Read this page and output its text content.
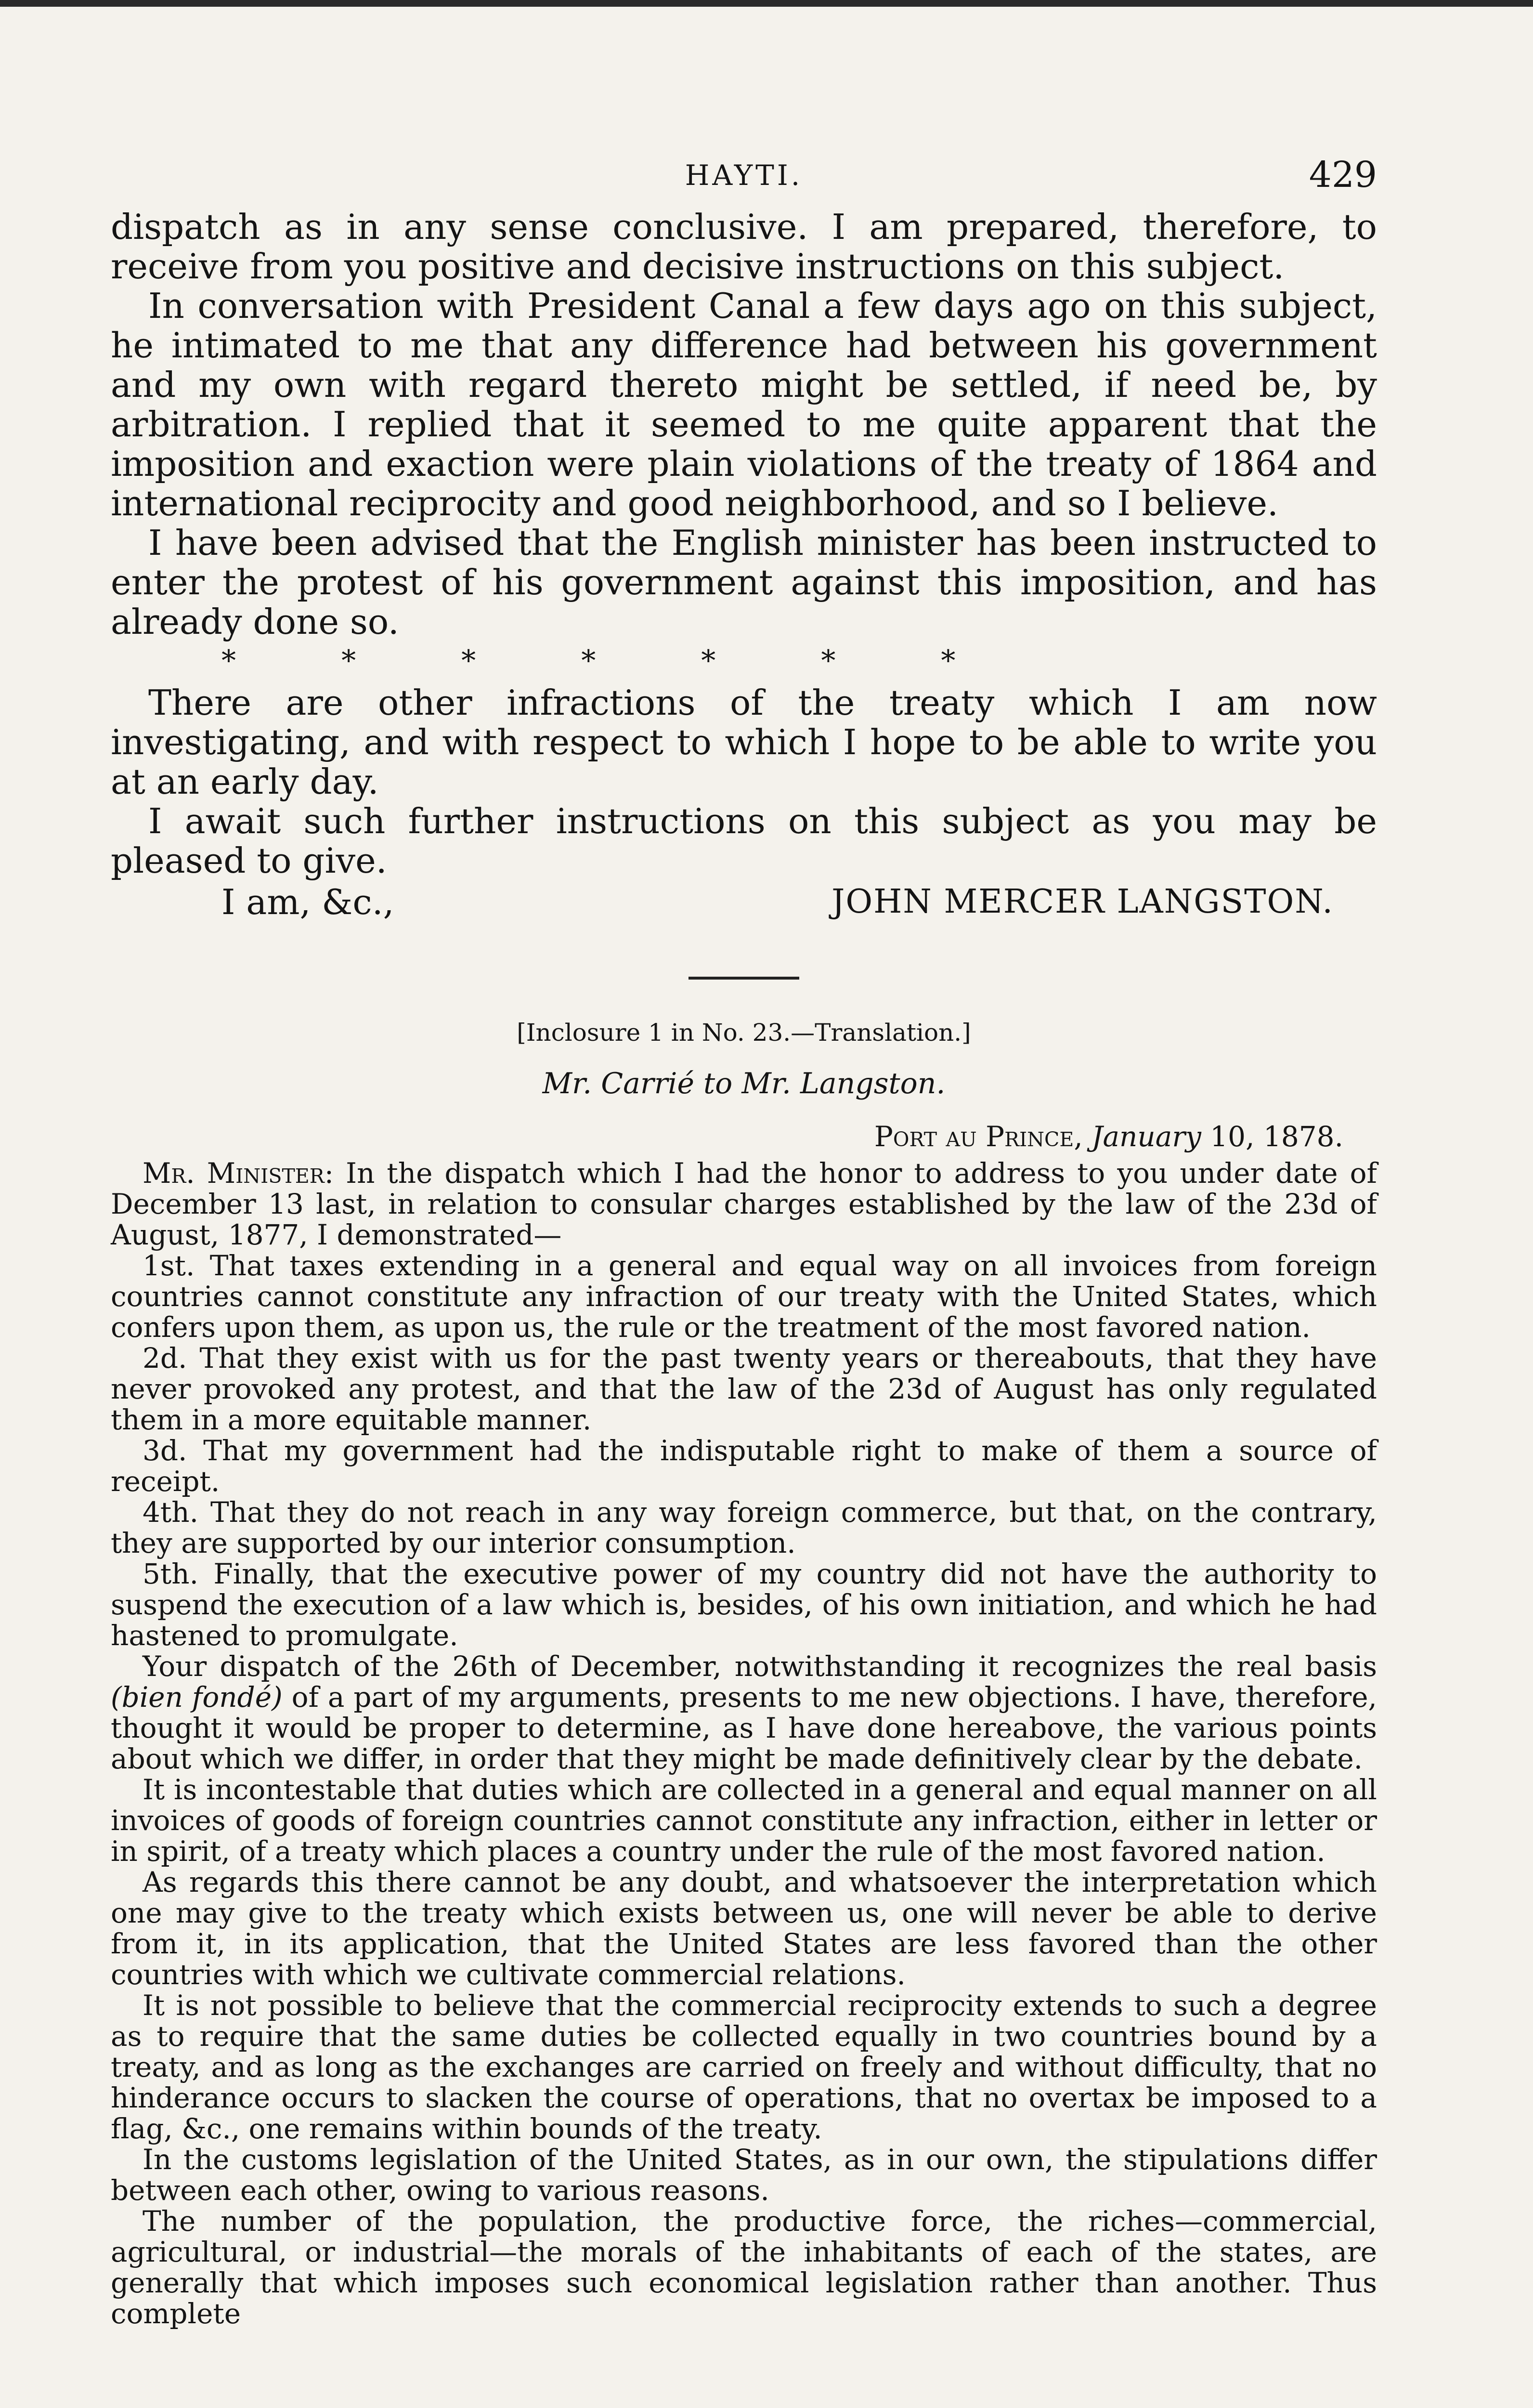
HAYTI.	429

dispatch as in any sense conclusive. I am prepared, therefore, to receive from you positive and decisive instructions on this subject.

In conversation with President Canal a few days ago on this subject, he intimated to me that any difference had between his government and my own with regard thereto might be settled, if need be, by arbitration. I replied that it seemed to me quite apparent that the imposition and exaction were plain violations of the treaty of 1864 and international reciprocity and good neighborhood, and so I believe.

I have been advised that the English minister has been instructed to enter the protest of his government against this imposition, and has already done so.

* * * * * * *

There are other infractions of the treaty which I am now investigating, and with respect to which I hope to be able to write you at an early day.

I await such further instructions on this subject as you may be pleased to give.

I am, &c.,	JOHN MERCER LANGSTON.
[Inclosure 1 in No. 23.—Translation.]
Mr. Carrié to Mr. Langston.
Port au Prince, January 10, 1878.

Mr. Minister: In the dispatch which I had the honor to address to you under date of December 13 last, in relation to consular charges established by the law of the 23d of August, 1877, I demonstrated—

1st. That taxes extending in a general and equal way on all invoices from foreign countries cannot constitute any infraction of our treaty with the United States, which confers upon them, as upon us, the rule or the treatment of the most favored nation.

2d. That they exist with us for the past twenty years or thereabouts, that they have never provoked any protest, and that the law of the 23d of August has only regulated them in a more equitable manner.

3d. That my government had the indisputable right to make of them a source of receipt.

4th. That they do not reach in any way foreign commerce, but that, on the contrary, they are supported by our interior consumption.

5th. Finally, that the executive power of my country did not have the authority to suspend the execution of a law which is, besides, of his own initiation, and which he had hastened to promulgate.

Your dispatch of the 26th of December, notwithstanding it recognizes the real basis (bien fondé) of a part of my arguments, presents to me new objections. I have, therefore, thought it would be proper to determine, as I have done hereabove, the various points about which we differ, in order that they might be made definitively clear by the debate.

It is incontestable that duties which are collected in a general and equal manner on all invoices of goods of foreign countries cannot constitute any infraction, either in letter or in spirit, of a treaty which places a country under the rule of the most favored nation.

As regards this there cannot be any doubt, and whatsoever the interpretation which one may give to the treaty which exists between us, one will never be able to derive from it, in its application, that the United States are less favored than the other countries with which we cultivate commercial relations.

It is not possible to believe that the commercial reciprocity extends to such a degree as to require that the same duties be collected equally in two countries bound by a treaty, and as long as the exchanges are carried on freely and without difficulty, that no hinderance occurs to slacken the course of operations, that no overtax be imposed to a flag, &c., one remains within bounds of the treaty.

In the customs legislation of the United States, as in our own, the stipulations differ between each other, owing to various reasons.

The number of the population, the productive force, the riches—commercial, agricultural, or industrial—the morals of the inhabitants of each of the states, are generally that which imposes such economical legislation rather than another. Thus complete
